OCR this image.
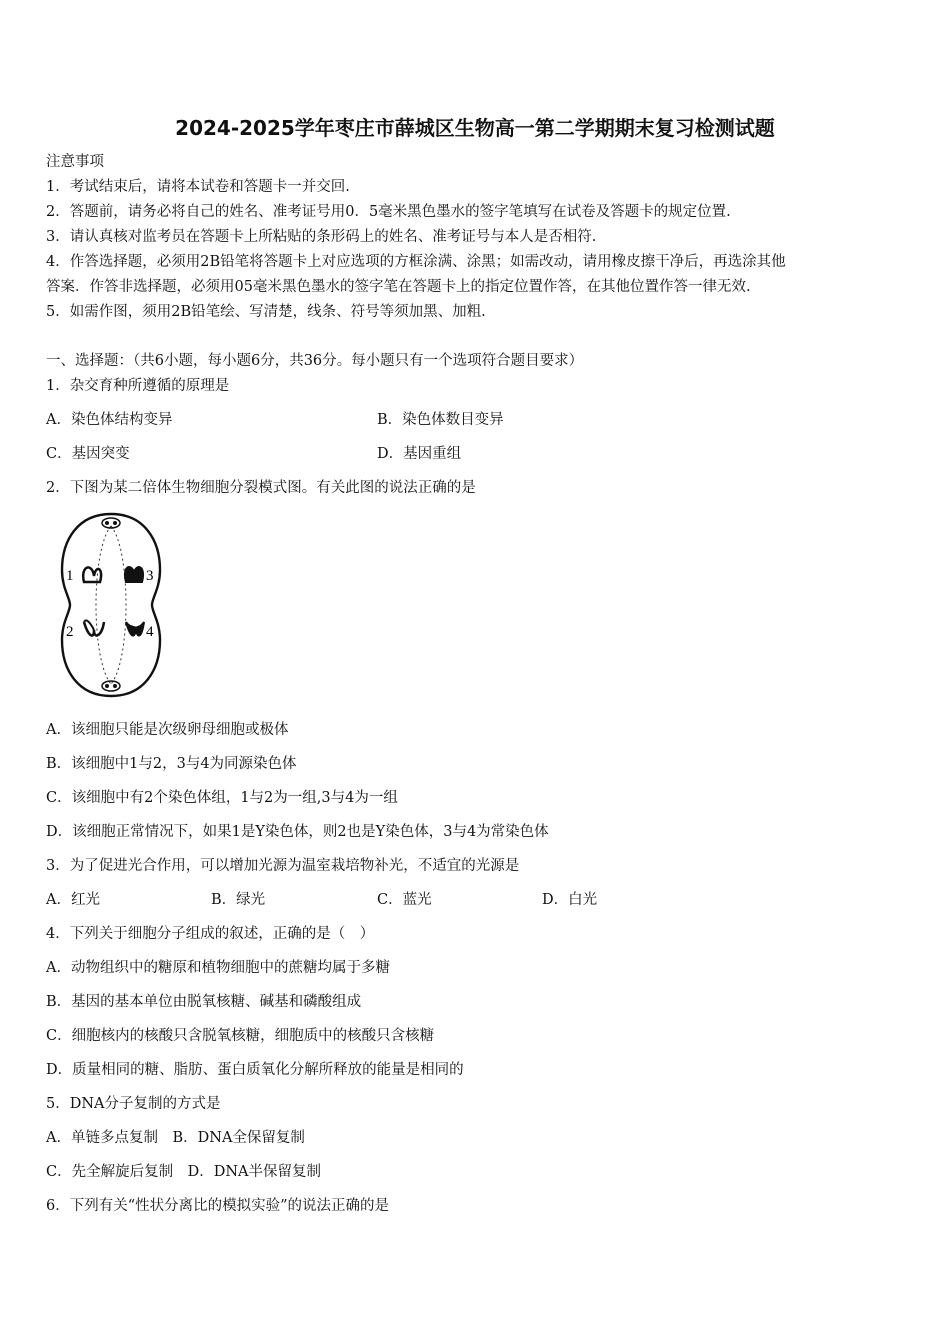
2024-2025学年枣庄市薛城区生物高一第二学期期末复习检测试题
注意事项
1．考试结束后，请将本试卷和答题卡一并交回.
2．答题前，请务必将自己的姓名、准考证号用0．5毫米黑色墨水的签字笔填写在试卷及答题卡的规定位置.
3．请认真核对监考员在答题卡上所粘贴的条形码上的姓名、准考证号与本人是否相符.
4．作答选择题，必须用2B铅笔将答题卡上对应选项的方框涂满、涂黑；如需改动，请用橡皮擦干净后，再选涂其他
答案．作答非选择题，必须用05毫米黑色墨水的签字笔在答题卡上的指定位置作答，在其他位置作答一律无效.
5．如需作图，须用2B铅笔绘、写清楚，线条、符号等须加黑、加粗.
一、选择题：（共6小题，每小题6分，共36分。每小题只有一个选项符合题目要求）
1．杂交育种所遵循的原理是
A．染色体结构变异	B．染色体数目变异
C．基因突变	D．基因重组
2．下图为某二倍体生物细胞分裂模式图。有关此图的说法正确的是
1
2
3
4
A．该细胞只能是次级卵母细胞或极体
B．该细胞中1与2，3与4为同源染色体
C．该细胞中有2个染色体组，1与2为一组,3与4为一组
D．该细胞正常情况下，如果1是Y染色体，则2也是Y染色体，3与4为常染色体
3．为了促进光合作用，可以增加光源为温室栽培物补光，不适宜的光源是
A．红光	B．绿光	C．蓝光	D．白光
4．下列关于细胞分子组成的叙述，正确的是（　）
A．动物组织中的糖原和植物细胞中的蔗糖均属于多糖
B．基因的基本单位由脱氧核糖、碱基和磷酸组成
C．细胞核内的核酸只含脱氧核糖，细胞质中的核酸只含核糖
D．质量相同的糖、脂肪、蛋白质氧化分解所释放的能量是相同的
5．DNA分子复制的方式是
A．单链多点复制　B．DNA全保留复制
C．先全解旋后复制　D．DNA半保留复制
6．下列有关“性状分离比的模拟实验”的说法正确的是
